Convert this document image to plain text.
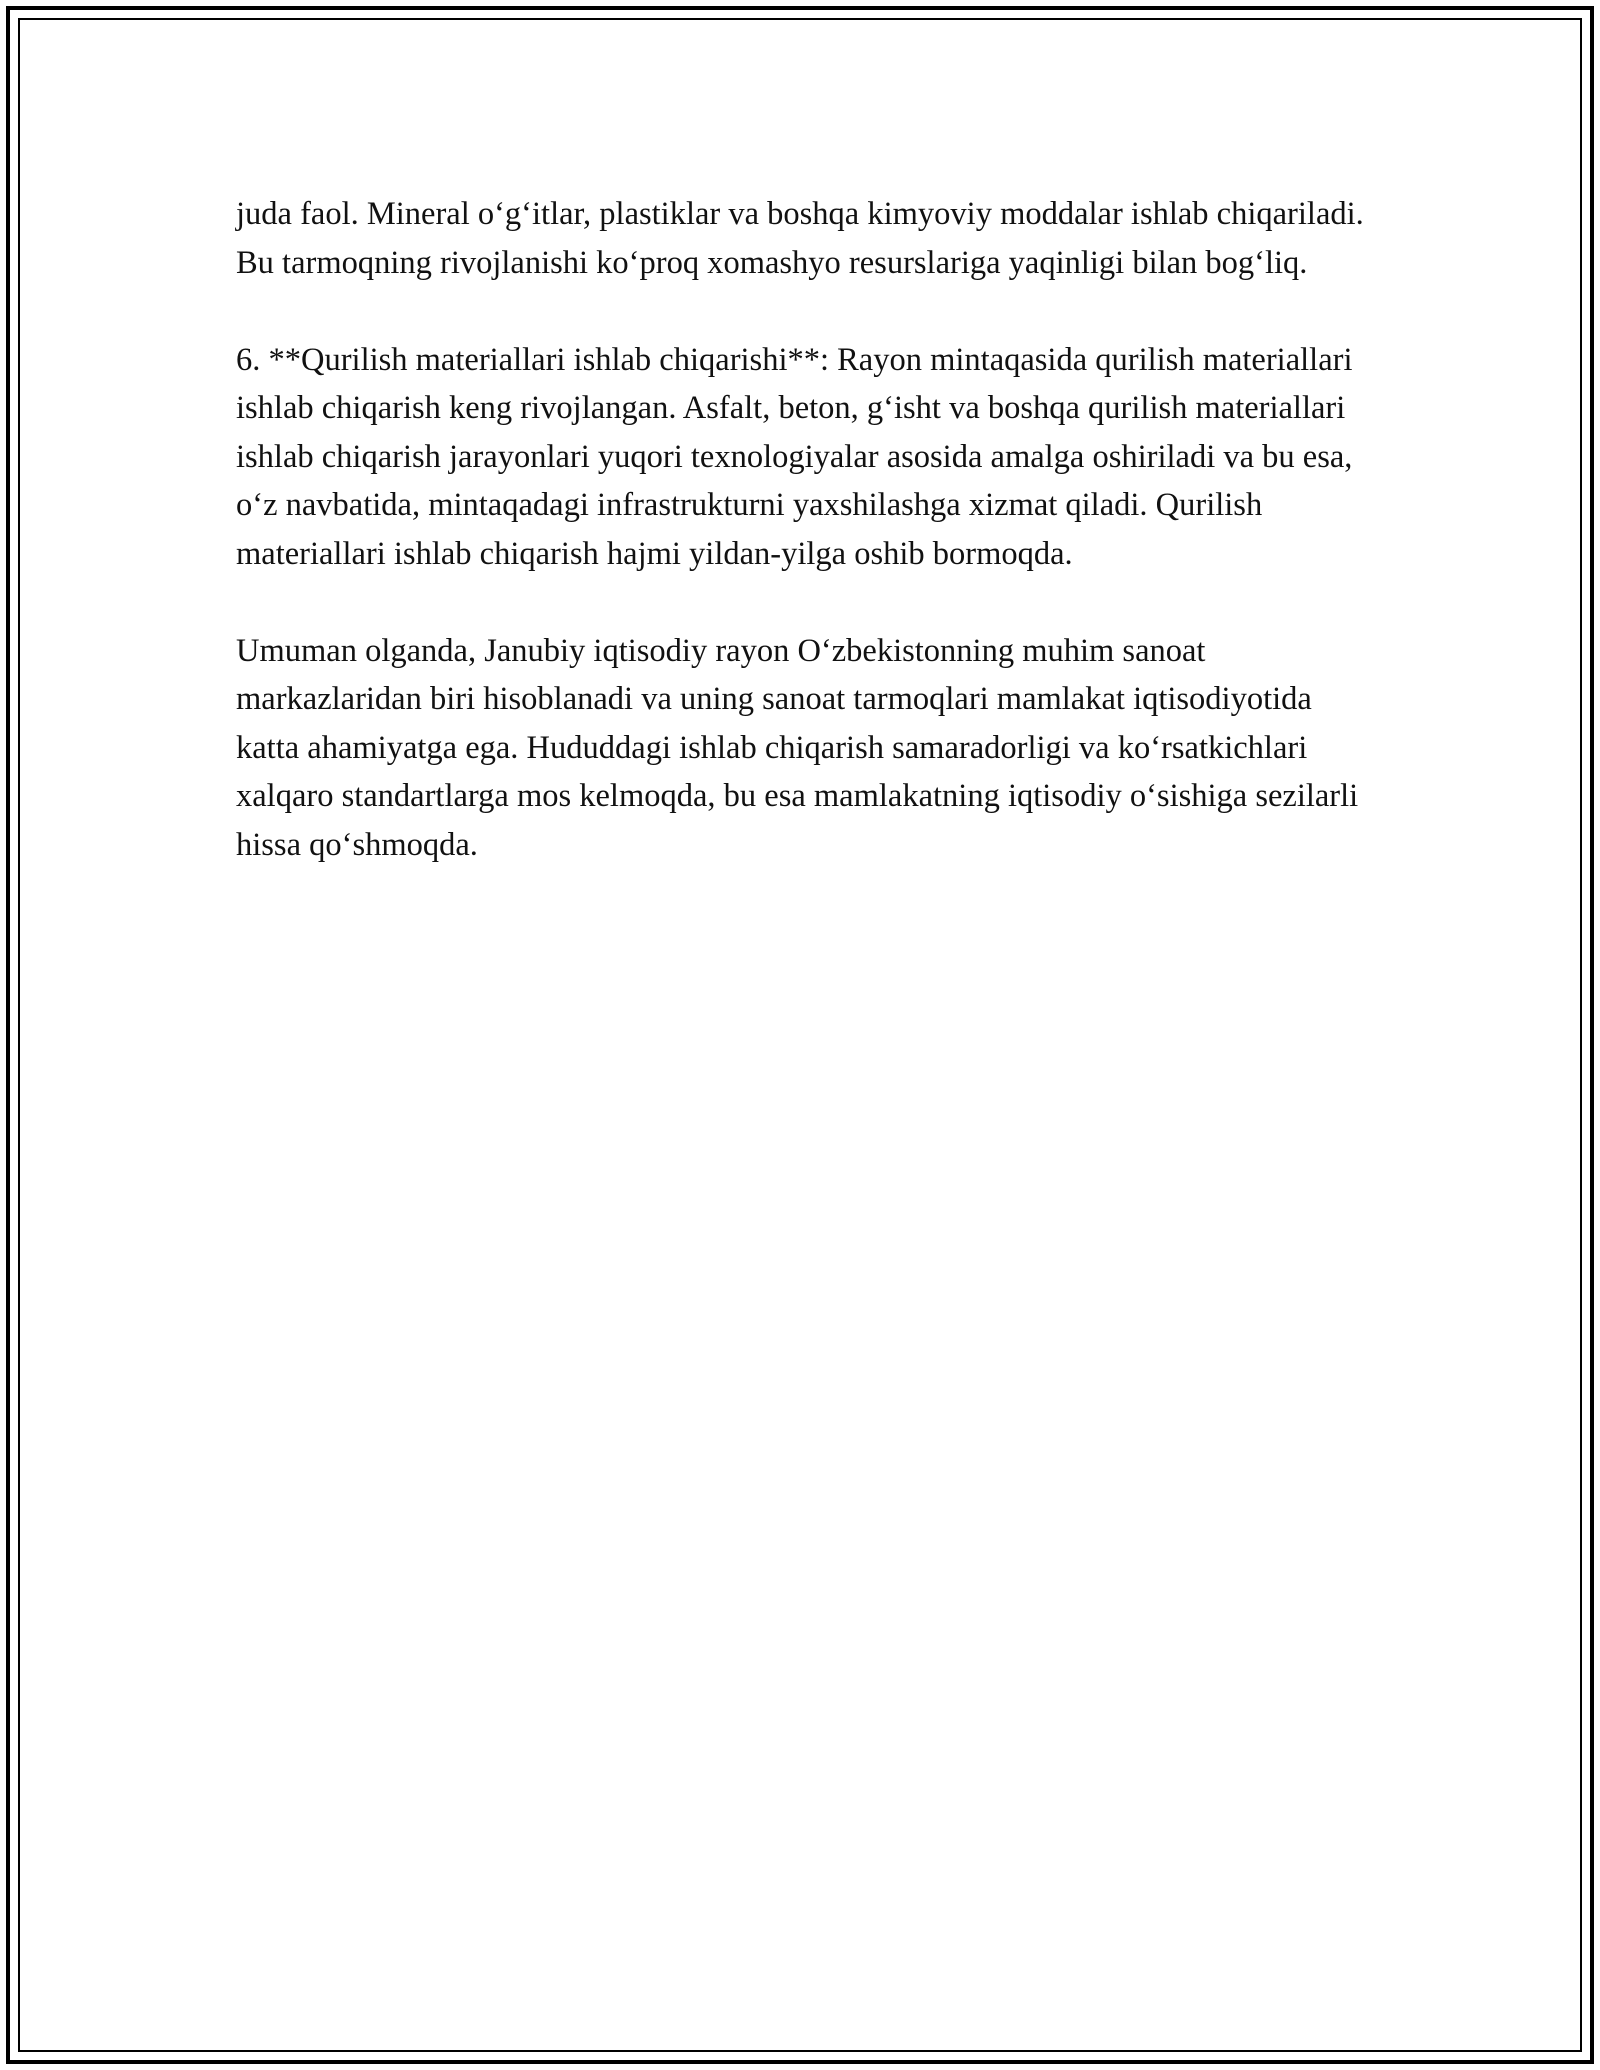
juda faol. Mineral o‘g‘itlar, plastiklar va boshqa kimyoviy moddalar ishlab chiqariladi. Bu tarmoqning rivojlanishi ko‘proq xomashyo resurslariga yaqinligi bilan bog‘liq.

6. **Qurilish materiallari ishlab chiqarishi**: Rayon mintaqasida qurilish materiallari ishlab chiqarish keng rivojlangan. Asfalt, beton, g‘isht va boshqa qurilish materiallari ishlab chiqarish jarayonlari yuqori texnologiyalar asosida amalga oshiriladi va bu esa, o‘z navbatida, mintaqadagi infrastrukturni yaxshilashga xizmat qiladi. Qurilish materiallari ishlab chiqarish hajmi yildan-yilga oshib bormoqda.

Umuman olganda, Janubiy iqtisodiy rayon O‘zbekistonning muhim sanoat markazlaridan biri hisoblanadi va uning sanoat tarmoqlari mamlakat iqtisodiyotida katta ahamiyatga ega. Hududdagi ishlab chiqarish samaradorligi va ko‘rsatkichlari xalqaro standartlarga mos kelmoqda, bu esa mamlakatning iqtisodiy o‘sishiga sezilarli hissa qo‘shmoqda.
